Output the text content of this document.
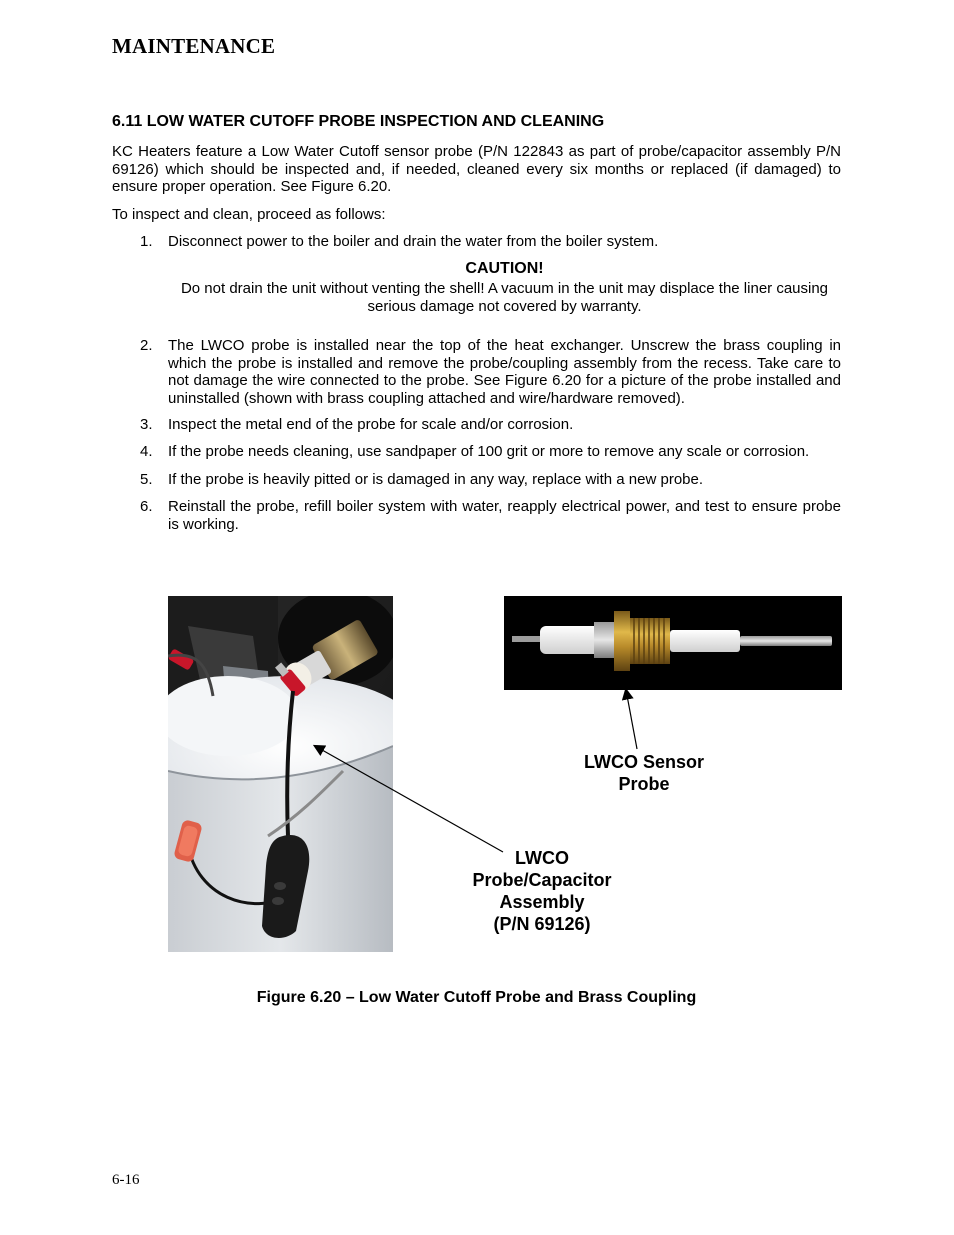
MAINTENANCE
6.11 LOW WATER CUTOFF PROBE INSPECTION AND CLEANING
KC Heaters feature a Low Water Cutoff sensor probe (P/N 122843 as part of probe/capacitor assembly P/N 69126) which should be inspected and, if needed, cleaned every six months or replaced (if damaged) to ensure proper operation. See Figure 6.20.
To inspect and clean, proceed as follows:
1.	Disconnect power to the boiler and drain the water from the boiler system.
CAUTION!
Do not drain the unit without venting the shell! A vacuum in the unit may displace the liner causing serious damage not covered by warranty.
2.	The LWCO probe is installed near the top of the heat exchanger. Unscrew the brass coupling in which the probe is installed and remove the probe/coupling assembly from the recess. Take care to not damage the wire connected to the probe. See Figure 6.20 for a picture of the probe installed and uninstalled (shown with brass coupling attached and wire/hardware removed).
3.	Inspect the metal end of the probe for scale and/or corrosion.
4.	If the probe needs cleaning, use sandpaper of 100 grit or more to remove any scale or corrosion.
5.	If the probe is heavily pitted or is damaged in any way, replace with a new probe.
6.	Reinstall the probe, refill boiler system with water, reapply electrical power, and test to ensure probe is working.
LWCO Sensor
Probe
LWCO
Probe/Capacitor
Assembly
(P/N 69126)
Figure 6.20 – Low Water Cutoff Probe and Brass Coupling
6-16
